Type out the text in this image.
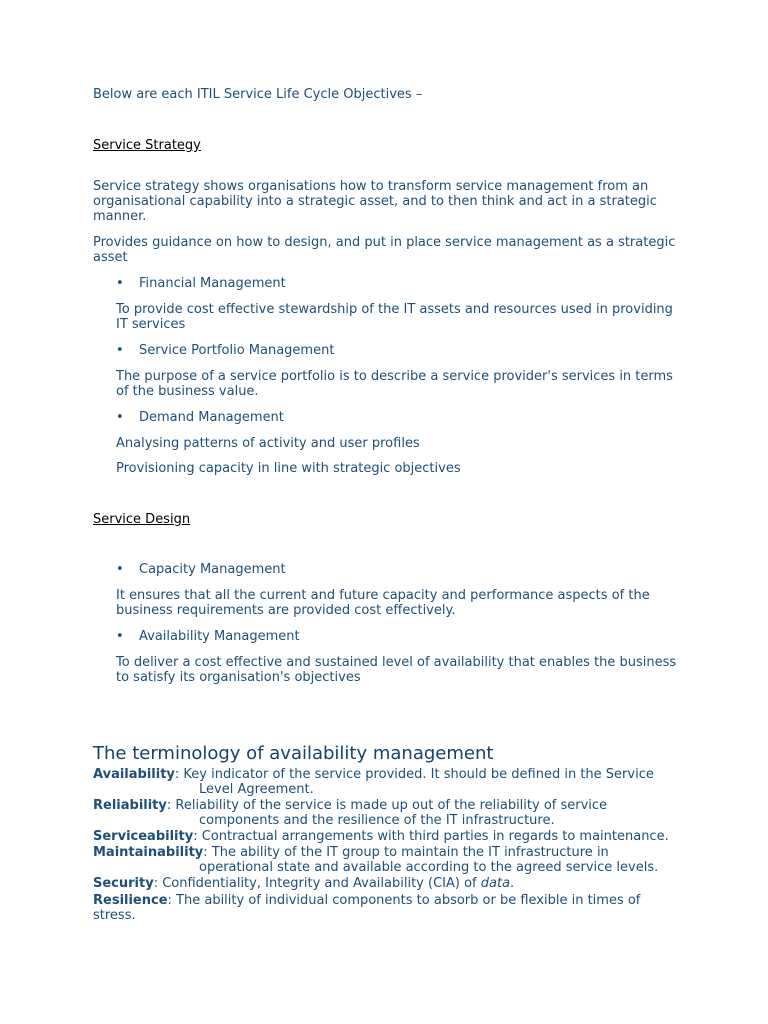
Below are each ITIL Service Life Cycle Objectives –

Service Strategy

Service strategy shows organisations how to transform service management from an

organisational capability into a strategic asset, and to then think and act in a strategic

manner.

Provides guidance on how to design, and put in place service management as a strategic

asset

• Financial Management

To provide cost effective stewardship of the IT assets and resources used in providing

IT services

• Service Portfolio Management

The purpose of a service portfolio is to describe a service provider's services in terms

of the business value.

• Demand Management

Analysing patterns of activity and user profiles

Provisioning capacity in line with strategic objectives

Service Design

• Capacity Management

It ensures that all the current and future capacity and performance aspects of the

business requirements are provided cost effectively.

• Availability Management

To deliver a cost effective and sustained level of availability that enables the business

to satisfy its organisation's objectives

The terminology of availability management

Availability: Key indicator of the service provided. It should be defined in the Service

Level Agreement.

Reliability: Reliability of the service is made up out of the reliability of service

components and the resilience of the IT infrastructure.

Serviceability: Contractual arrangements with third parties in regards to maintenance.

Maintainability: The ability of the IT group to maintain the IT infrastructure in

operational state and available according to the agreed service levels.

Security: Confidentiality, Integrity and Availability (CIA) of data.

Resilience: The ability of individual components to absorb or be flexible in times of

stress.
